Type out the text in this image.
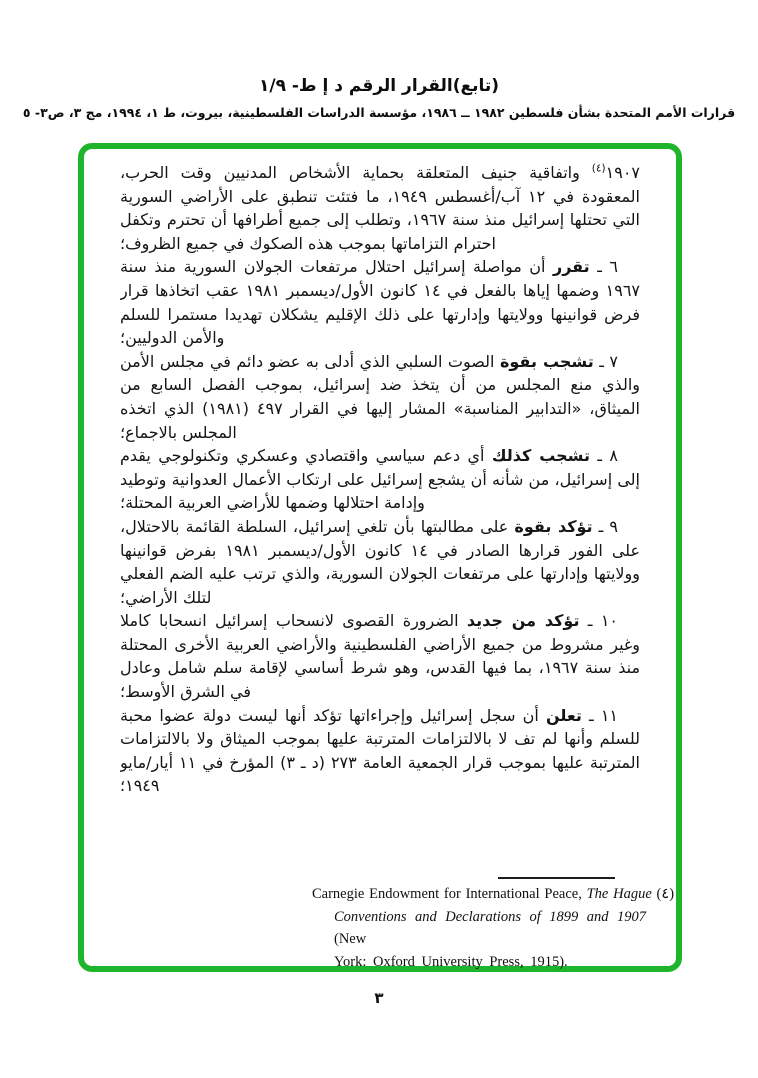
(تابع)القرار الرقم د إ ط- ١/٩
قرارات الأمم المتحدة بشأن فلسطين ١٩٨٢ ــ ١٩٨٦، مؤسسة الدراسات الفلسطينية، بيروت، ط ١، ١٩٩٤، مج ٣، ص٣- ٥

١٩٠٧$^{(٤)}$ واتفاقية جنيف المتعلقة بحماية الأشخاص المدنيين وقت الحرب، المعقودة في ١٢ آب/أغسطس ١٩٤٩، ما فتئت تنطبق على الأراضي السورية التي تحتلها إسرائيل منذ سنة ١٩٦٧، وتطلب إلى جميع أطرافها أن تحترم وتكفل احترام التزاماتها بموجب هذه الصكوك في جميع الظروف؛

٦ ـ تقرر أن مواصلة إسرائيل احتلال مرتفعات الجولان السورية منذ سنة ١٩٦٧ وضمها إياها بالفعل في ١٤ كانون الأول/ديسمبر ١٩٨١ عقب اتخاذها قرار فرض قوانينها وولايتها وإدارتها على ذلك الإقليم يشكلان تهديدا مستمرا للسلم والأمن الدوليين؛

٧ ـ تشجب بقوة الصوت السلبي الذي أدلى به عضو دائم في مجلس الأمن والذي منع المجلس من أن يتخذ ضد إسرائيل، بموجب الفصل السابع من الميثاق، «التدابير المناسبة» المشار إليها في القرار ٤٩٧ (١٩٨١) الذي اتخذه المجلس بالاجماع؛

٨ ـ تشجب كذلك أي دعم سياسي واقتصادي وعسكري وتكنولوجي يقدم إلى إسرائيل، من شأنه أن يشجع إسرائيل على ارتكاب الأعمال العدوانية وتوطيد وإدامة احتلالها وضمها للأراضي العربية المحتلة؛

٩ ـ تؤكد بقوة على مطالبتها بأن تلغي إسرائيل، السلطة القائمة بالاحتلال، على الفور قرارها الصادر في ١٤ كانون الأول/ديسمبر ١٩٨١ بفرض قوانينها وولايتها وإدارتها على مرتفعات الجولان السورية، والذي ترتب عليه الضم الفعلي لتلك الأراضي؛

١٠ ـ تؤكد من جديد الضرورة القصوى لانسحاب إسرائيل انسحابا كاملا وغير مشروط من جميع الأراضي الفلسطينية والأراضي العربية الأخرى المحتلة منذ سنة ١٩٦٧، بما فيها القدس، وهو شرط أساسي لإقامة سلم شامل وعادل في الشرق الأوسط؛

١١ ـ تعلن أن سجل إسرائيل وإجراءاتها تؤكد أنها ليست دولة عضوا محبة للسلم وأنها لم تف لا بالالتزامات المترتبة عليها بموجب الميثاق ولا بالالتزامات المترتبة عليها بموجب قرار الجمعية العامة ٢٧٣ (د ـ ٣) المؤرخ في ١١ أيار/مايو ١٩٤٩؛

Carnegie Endowment for International Peace, The Hague (٤)
Conventions and Declarations of 1899 and 1907 (New
York: Oxford University Press, 1915).
٣
